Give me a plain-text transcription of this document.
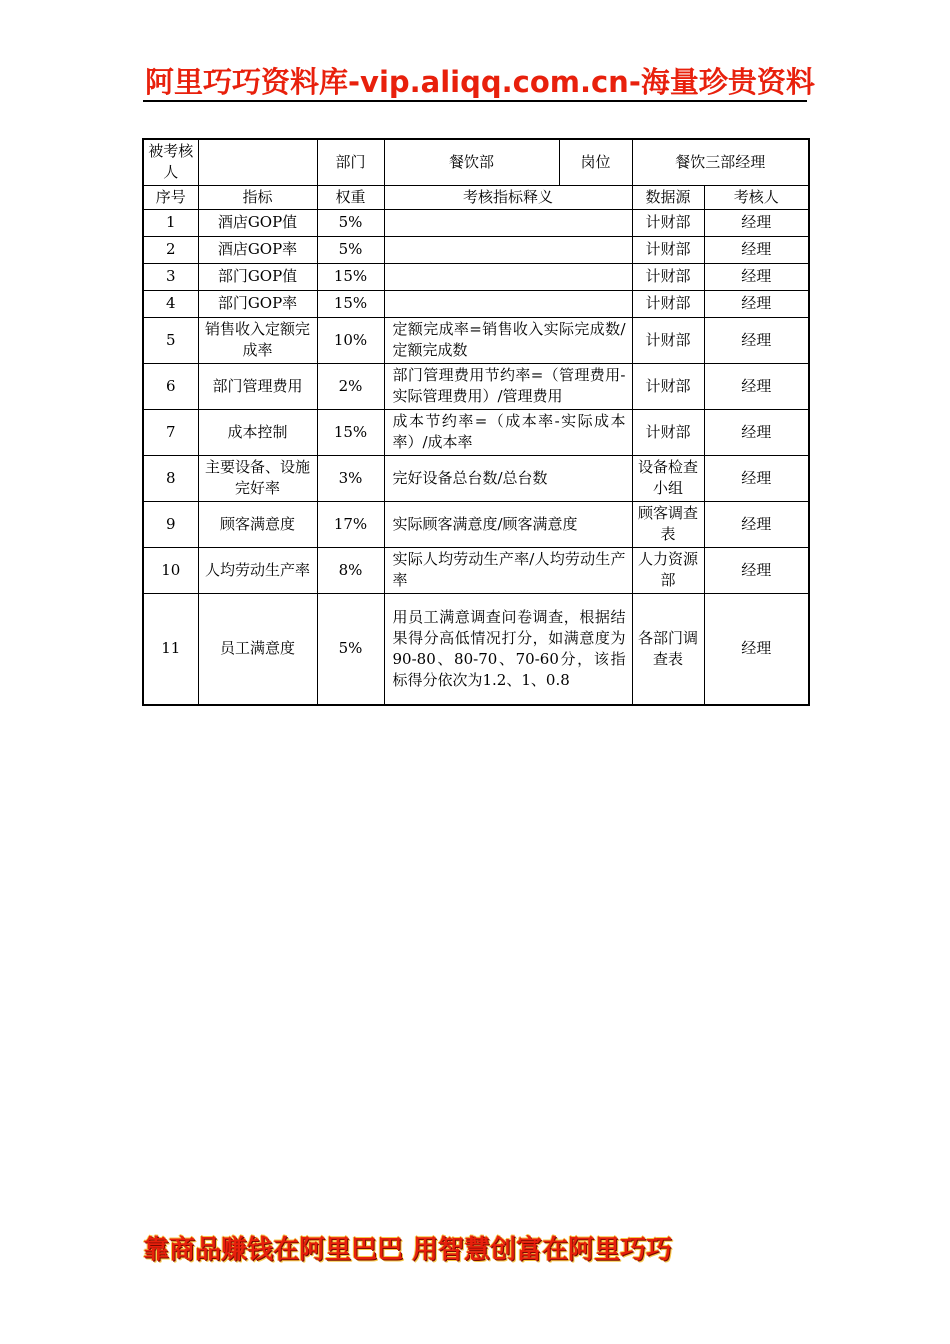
阿里巧巧资料库-vip.aliqq.com.cn-海量珍贵资料
被考核人		部门	餐饮部	岗位	餐饮三部经理	
序号	指标	权重	考核指标释义		数据源	考核人
1	酒店GOP值	5%			计财部	经理
2	酒店GOP率	5%			计财部	经理
3	部门GOP值	15%			计财部	经理
4	部门GOP率	15%			计财部	经理
5	销售收入定额完成率	10%	定额完成率=销售收入实际完成数/定额完成数		计财部	经理
6	部门管理费用	2%	部门管理费用节约率=（管理费用-实际管理费用）/管理费用		计财部	经理
7	成本控制	15%	成本节约率=（成本率-实际成本率）/成本率		计财部	经理
8	主要设备、设施完好率	3%	完好设备总台数/总台数		设备检查小组	经理
9	顾客满意度	17%	实际顾客满意度/顾客满意度		顾客调查表	经理
10	人均劳动生产率	8%	实际人均劳动生产率/人均劳动生产率		人力资源部	经理
11	员工满意度	5%	用员工满意调查问卷调查，根据结果得分高低情况打分，如满意度为90-80、80-70、70-60分，该指标得分依次为1.2、1、0.8		各部门调查表	经理
靠商品赚钱在阿里巴巴 用智慧创富在阿里巧巧
